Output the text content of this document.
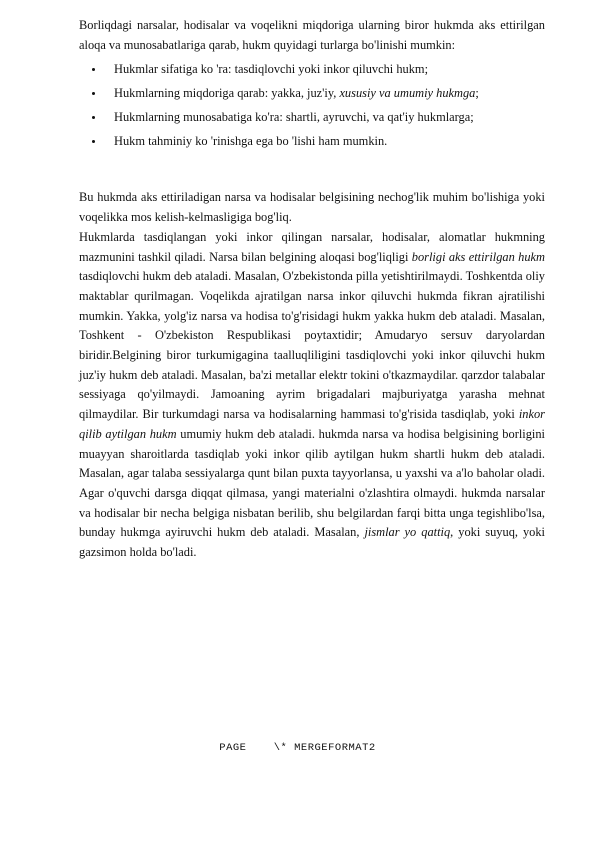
Borliqdagi narsalar, hodisalar va voqelikni miqdoriga ularning biror hukmda aks ettirilgan aloqa va munosabatlariga qarab, hukm quyidagi turlarga bo'linishi mumkin:

Hukmlar sifatiga ko 'ra: tasdiqlovchi yoki inkor qiluvchi hukm;
Hukmlarning miqdoriga qarab: yakka, juz'iy, xususiy va umumiy hukmga;
Hukmlarning munosabatiga ko'ra: shartli, ayruvchi, va qat'iy hukmlarga;
Hukm tahminiy ko 'rinishga ega bo 'lishi ham mumkin.

Bu hukmda aks ettiriladigan narsa va hodisalar belgisining nechog'lik muhim bo'lishiga yoki voqelikka mos kelish-kelmasligiga bog'liq.

Hukmlarda tasdiqlangan yoki inkor qilingan narsalar, hodisalar, alomatlar hukmning mazmunini tashkil qiladi. Narsa bilan belgining aloqasi bog'liqligi borligi aks ettirilgan hukm tasdiqlovchi hukm deb ataladi. Masalan, O'zbekistonda pilla yetishtirilmaydi. Toshkentda oliy maktablar qurilmagan. Voqelikda ajratilgan narsa inkor qiluvchi hukmda fikran ajratilishi mumkin. Yakka, yolg'iz narsa va hodisa to'g'risidagi hukm yakka hukm deb ataladi. Masalan, Toshkent - O'zbekiston Respublikasi poytaxtidir; Amudaryo sersuv daryolardan biridir.Belgining biror turkumigagina taalluqliligini tasdiqlovchi yoki inkor qiluvchi hukm juz'iy hukm deb ataladi. Masalan, ba'zi metallar elektr tokini o'tkazmaydilar. qarzdor talabalar sessiyaga qo'yilmaydi. Jamoaning ayrim brigadalari majburiyatga yarasha mehnat qilmaydilar. Bir turkumdagi narsa va hodisalarning hammasi to'g'risida tasdiqlab, yoki inkor qilib aytilgan hukm umumiy hukm deb ataladi. hukmda narsa va hodisa belgisining borligini muayyan sharoitlarda tasdiqlab yoki inkor qilib aytilgan hukm shartli hukm deb ataladi. Masalan, agar talaba sessiyalarga qunt bilan puxta tayyorlansa, u yaxshi va a'lo baholar oladi. Agar o'quvchi darsga diqqat qilmasa, yangi materialni o'zlashtira olmaydi. hukmda narsalar va hodisalar bir necha belgiga nisbatan berilib, shu belgilardan farqi bitta unga tegishlibo'lsa, bunday hukmga ayiruvchi hukm deb ataladi. Masalan, jismlar yo qattiq, yoki suyuq, yoki gazsimon holda bo'ladi.

PAGE    \* MERGEFORMAT2
